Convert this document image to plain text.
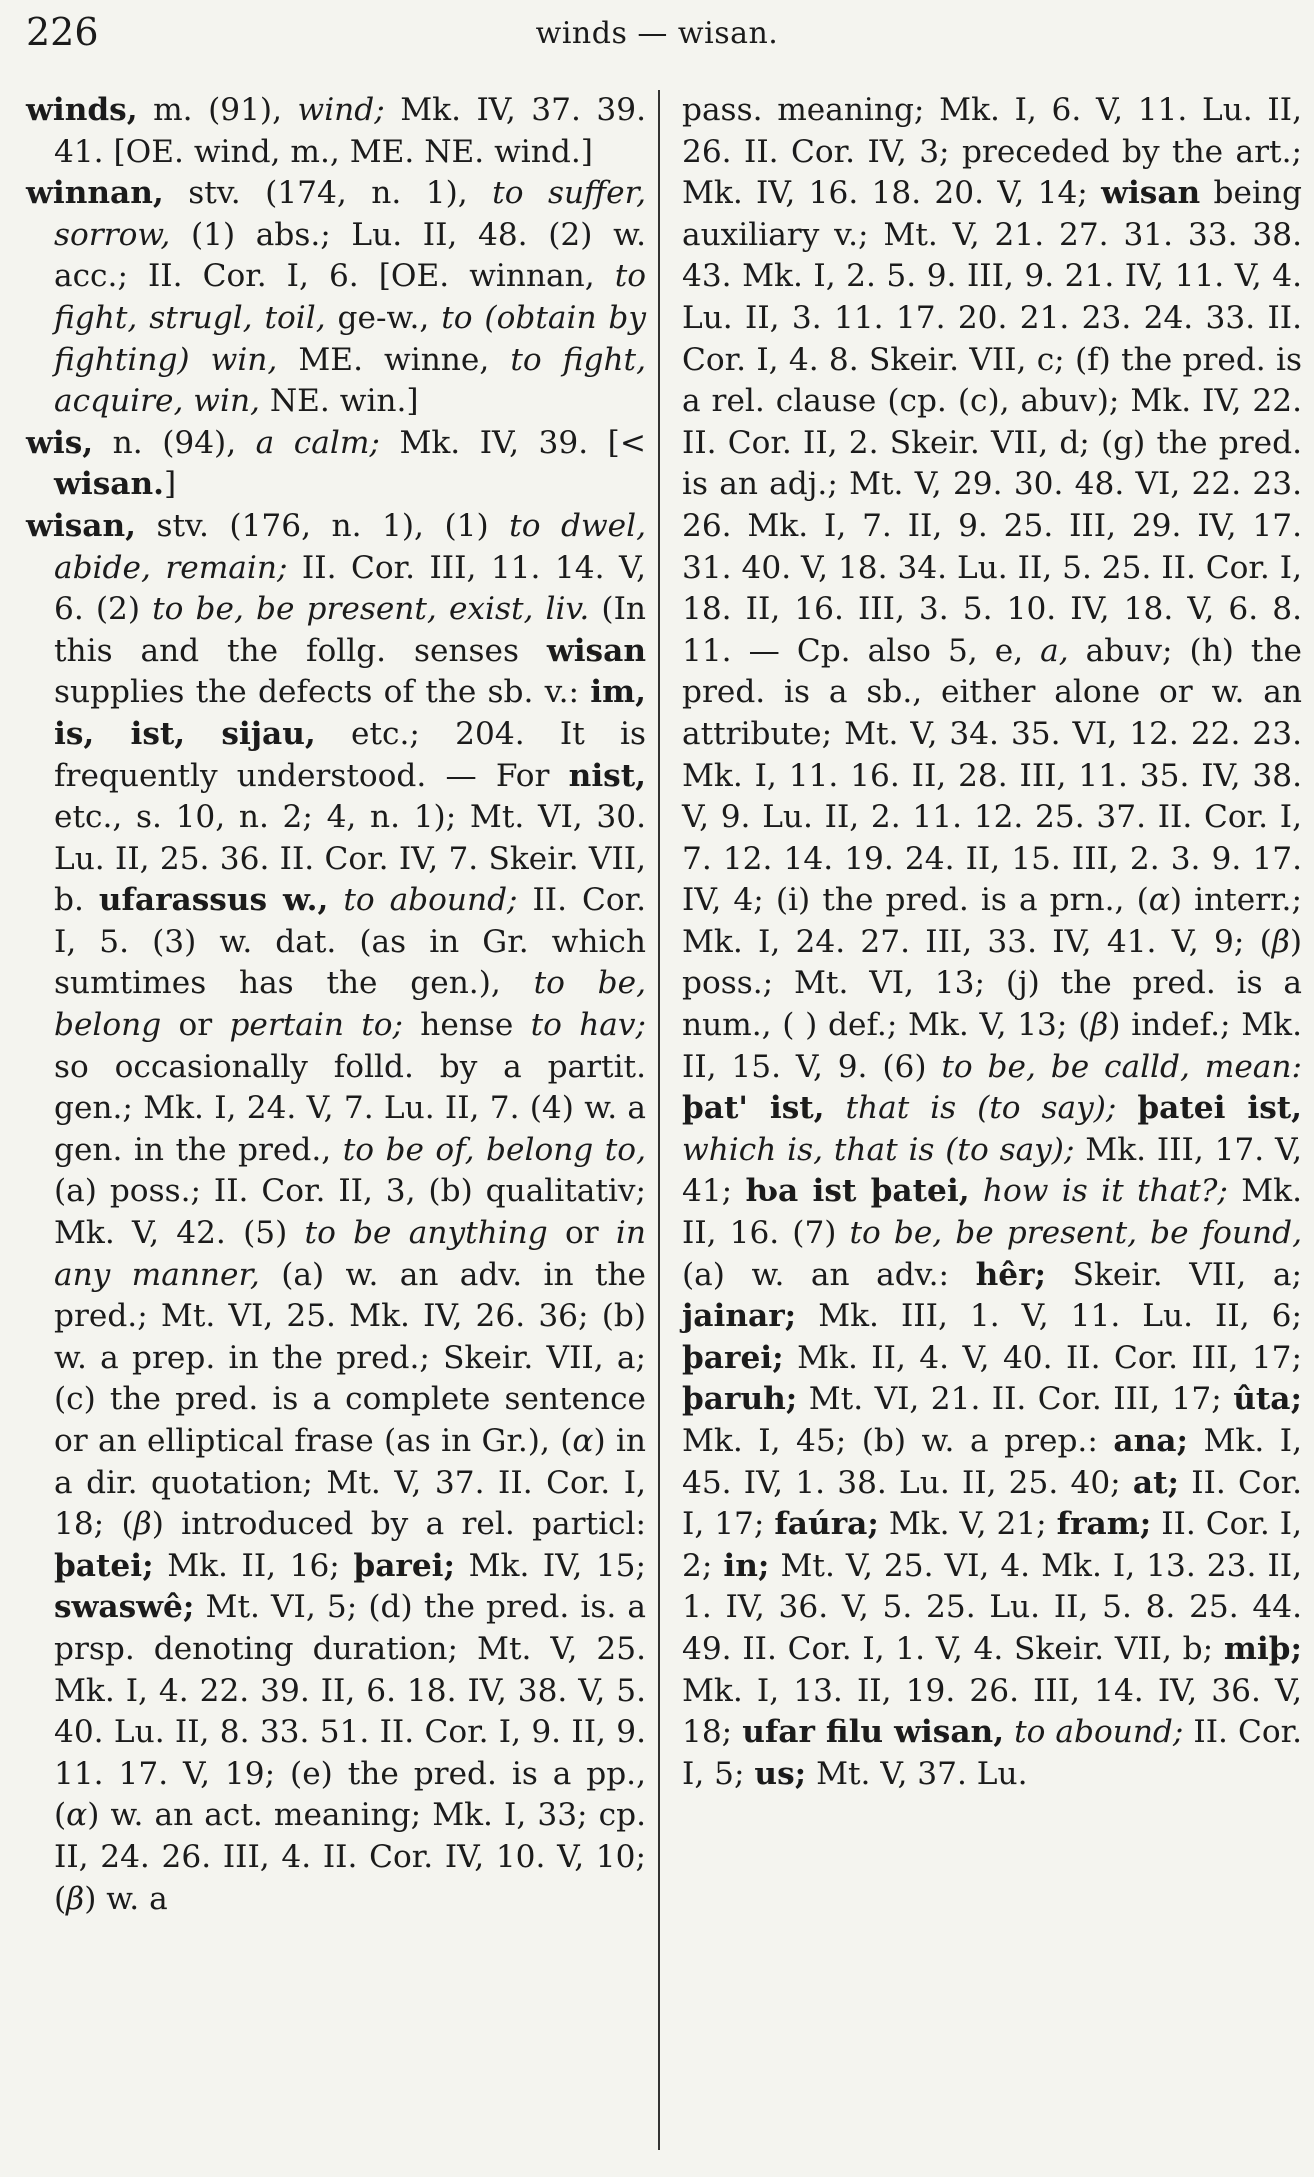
226	winds — wisan.

winds, m. (91), wind; Mk. IV, 37. 39. 41. [OE. wind, m., ME. NE. wind.]

winnan, stv. (174, n. 1), to suffer, sorrow, (1) abs.; Lu. II, 48. (2) w. acc.; II. Cor. I, 6. [OE. winnan, to fight, strugl, toil, ge-w., to (obtain by fighting) win, ME. winne, to fight, acquire, win, NE. win.]

wis, n. (94), a calm; Mk. IV, 39. [< wisan.]

wisan, stv. (176, n. 1), (1) to dwel, abide, remain; II. Cor. III, 11. 14. V, 6. (2) to be, be present, exist, liv. (In this and the follg. senses wisan supplies the defects of the sb. v.: im, is, ist, sijau, etc.; 204. It is frequently understood. — For nist, etc., s. 10, n. 2; 4, n. 1); Mt. VI, 30. Lu. II, 25. 36. II. Cor. IV, 7. Skeir. VII, b. ufarassus w., to abound; II. Cor. I, 5. (3) w. dat. (as in Gr. which sumtimes has the gen.), to be, belong or pertain to; hense to hav; so occasionally folld. by a partit. gen.; Mk. I, 24. V, 7. Lu. II, 7. (4) w. a gen. in the pred., to be of, belong to, (a) poss.; II. Cor. II, 3, (b) qualitativ; Mk. V, 42. (5) to be anything or in any manner, (a) w. an adv. in the pred.; Mt. VI, 25. Mk. IV, 26. 36; (b) w. a prep. in the pred.; Skeir. VII, a; (c) the pred. is a complete sentence or an elliptical frase (as in Gr.), (α) in a dir. quotation; Mt. V, 37. II. Cor. I, 18; (β) introduced by a rel. particl: þatei; Mk. II, 16; þarei; Mk. IV, 15; swaswê; Mt. VI, 5; (d) the pred. is. a prsp. denoting duration; Mt. V, 25. Mk. I, 4. 22. 39. II, 6. 18. IV, 38. V, 5. 40. Lu. II, 8. 33. 51. II. Cor. I, 9. II, 9. 11. 17. V, 19; (e) the pred. is a pp., (α) w. an act. meaning; Mk. I, 33; cp. II, 24. 26. III, 4. II. Cor. IV, 10. V, 10; (β) w. a

pass. meaning; Mk. I, 6. V, 11. Lu. II, 26. II. Cor. IV, 3; preceded by the art.; Mk. IV, 16. 18. 20. V, 14; wisan being auxiliary v.; Mt. V, 21. 27. 31. 33. 38. 43. Mk. I, 2. 5. 9. III, 9. 21. IV, 11. V, 4. Lu. II, 3. 11. 17. 20. 21. 23. 24. 33. II. Cor. I, 4. 8. Skeir. VII, c; (f) the pred. is a rel. clause (cp. (c), abuv); Mk. IV, 22. II. Cor. II, 2. Skeir. VII, d; (g) the pred. is an adj.; Mt. V, 29. 30. 48. VI, 22. 23. 26. Mk. I, 7. II, 9. 25. III, 29. IV, 17. 31. 40. V, 18. 34. Lu. II, 5. 25. II. Cor. I, 18. II, 16. III, 3. 5. 10. IV, 18. V, 6. 8. 11. — Cp. also 5, e, a, abuv; (h) the pred. is a sb., either alone or w. an attribute; Mt. V, 34. 35. VI, 12. 22. 23. Mk. I, 11. 16. II, 28. III, 11. 35. IV, 38. V, 9. Lu. II, 2. 11. 12. 25. 37. II. Cor. I, 7. 12. 14. 19. 24. II, 15. III, 2. 3. 9. 17. IV, 4; (i) the pred. is a prn., (α) interr.; Mk. I, 24. 27. III, 33. IV, 41. V, 9; (β) poss.; Mt. VI, 13; (j) the pred. is a num., ( ) def.; Mk. V, 13; (β) indef.; Mk. II, 15. V, 9. (6) to be, be calld, mean: þat' ist, that is (to say); þatei ist, which is, that is (to say); Mk. III, 17. V, 41; ƕa ist þatei, how is it that?; Mk. II, 16. (7) to be, be present, be found, (a) w. an adv.: hêr; Skeir. VII, a; jainar; Mk. III, 1. V, 11. Lu. II, 6; þarei; Mk. II, 4. V, 40. II. Cor. III, 17; þaruh; Mt. VI, 21. II. Cor. III, 17; ûta; Mk. I, 45; (b) w. a prep.: ana; Mk. I, 45. IV, 1. 38. Lu. II, 25. 40; at; II. Cor. I, 17; faúra; Mk. V, 21; fram; II. Cor. I, 2; in; Mt. V, 25. VI, 4. Mk. I, 13. 23. II, 1. IV, 36. V, 5. 25. Lu. II, 5. 8. 25. 44. 49. II. Cor. I, 1. V, 4. Skeir. VII, b; miþ; Mk. I, 13. II, 19. 26. III, 14. IV, 36. V, 18; ufar filu wisan, to abound; II. Cor. I, 5; us; Mt. V, 37. Lu.
